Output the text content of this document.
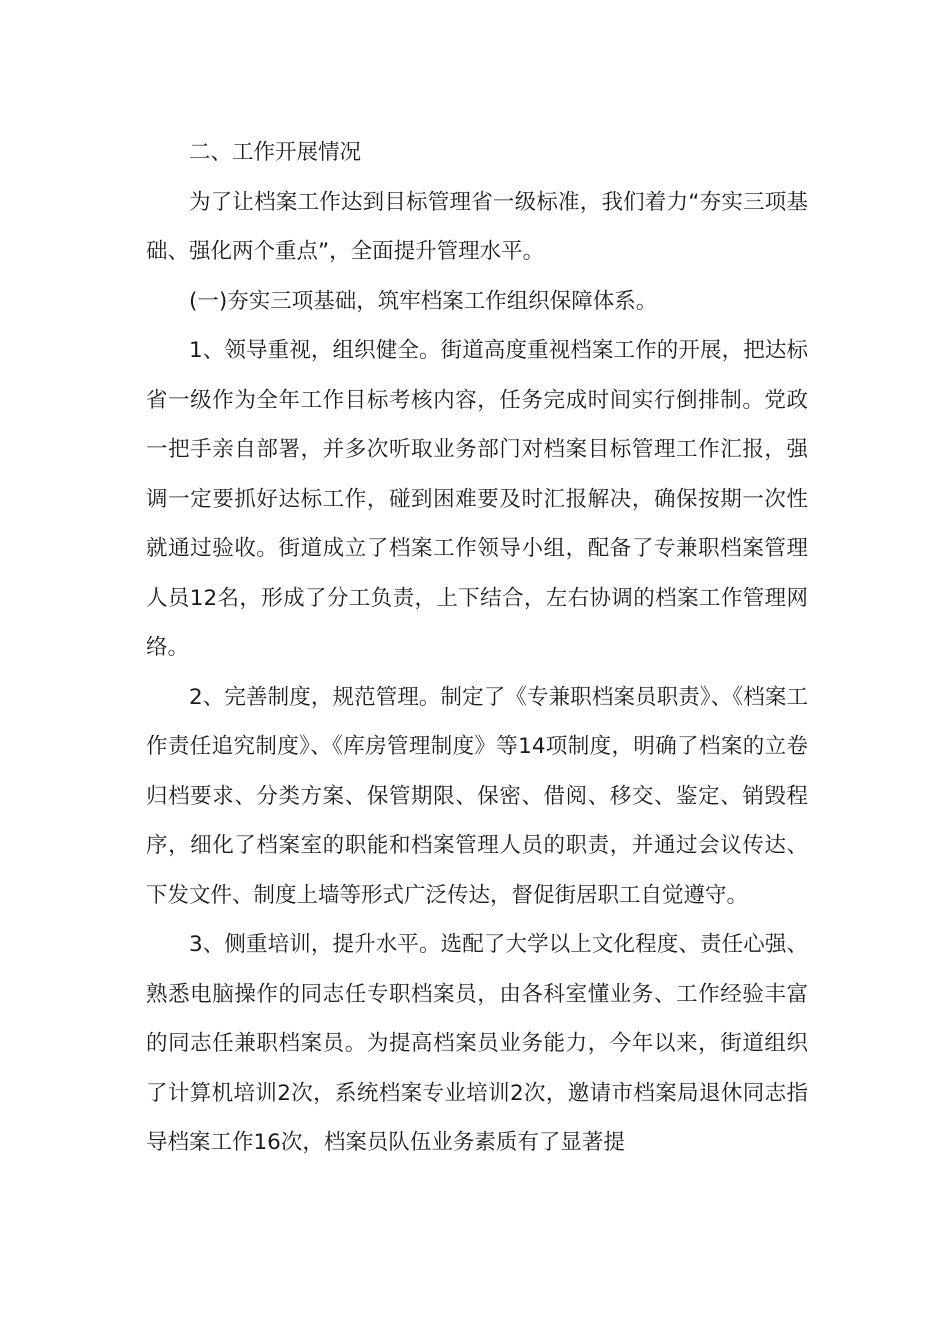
二、工作开展情况

为了让档案工作达到目标管理省一级标准，我们着力“夯实三项基础、强化两个重点”，全面提升管理水平。

(一)夯实三项基础，筑牢档案工作组织保障体系。

1、领导重视，组织健全。街道高度重视档案工作的开展，把达标省一级作为全年工作目标考核内容，任务完成时间实行倒排制。党政一把手亲自部署，并多次听取业务部门对档案目标管理工作汇报，强调一定要抓好达标工作，碰到困难要及时汇报解决，确保按期一次性就通过验收。街道成立了档案工作领导小组，配备了专兼职档案管理人员12名，形成了分工负责，上下结合，左右协调的档案工作管理网络。

2、完善制度，规范管理。制定了《专兼职档案员职责》、《档案工作责任追究制度》、《库房管理制度》等14项制度，明确了档案的立卷归档要求、分类方案、保管期限、保密、借阅、移交、鉴定、销毁程序，细化了档案室的职能和档案管理人员的职责，并通过会议传达、下发文件、制度上墙等形式广泛传达，督促街居职工自觉遵守。

3、侧重培训，提升水平。选配了大学以上文化程度、责任心强、熟悉电脑操作的同志任专职档案员，由各科室懂业务、工作经验丰富的同志任兼职档案员。为提高档案员业务能力，今年以来，街道组织了计算机培训2次，系统档案专业培训2次，邀请市档案局退休同志指导档案工作16次，档案员队伍业务素质有了显著提
